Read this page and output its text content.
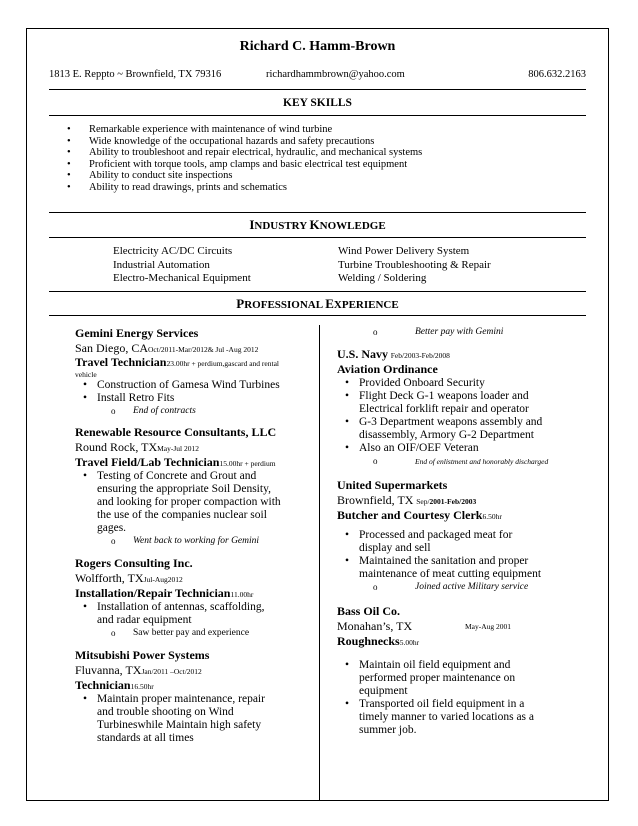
Richard C. Hamm-Brown
1813 E. Reppto ~ Brownfield, TX 79316	richardhammbrown@yahoo.com	806.632.2163
KEY SKILLS
• Remarkable experience with maintenance of wind turbine
• Wide knowledge of the occupational hazards and safety precautions
• Ability to troubleshoot and repair electrical, hydraulic, and mechanical systems
• Proficient with torque tools, amp clamps and basic electrical test equipment
• Ability to conduct site inspections
• Ability to read drawings, prints and schematics
INDUSTRY KNOWLEDGE
Electricity AC/DC Circuits
Industrial Automation
Electro-Mechanical Equipment
Wind Power Delivery System
Turbine Troubleshooting & Repair
Welding / Soldering
PROFESSIONAL EXPERIENCE
Gemini Energy Services
San Diego, CAOct/2011-Mar/2012& Jul -Aug 2012
Travel Technician23.00hr + perdium,gascard and rental
vehicle
• Construction of Gamesa Wind Turbines
• Install Retro Fits
o End of contracts
Renewable Resource Consultants, LLC
Round Rock, TXMay-Jul 2012
Travel Field/Lab Technician15.00hr + perdium
• Testing of Concrete and Grout and
ensuring the appropriate Soil Density,
and looking for proper compaction with
the use of the companies nuclear soil
gages.
o Went back to working for Gemini
Rogers Consulting Inc.
Wolfforth, TXJul-Aug2012
Installation/Repair Technician11.00hr
• Installation of antennas, scaffolding,
and radar equipment
o Saw better pay and experience
Mitsubishi Power Systems
Fluvanna, TXJan/2011 –Oct/2012
Technician16.50hr
• Maintain proper maintenance, repair
and trouble shooting on Wind
Turbineswhile Maintain high safety
standards at all times
o Better pay with Gemini
U.S. Navy Feb/2003-Feb/2008
Aviation Ordinance
• Provided Onboard Security
• Flight Deck G-1 weapons loader and
Electrical forklift repair and operator
• G-3 Department weapons assembly and
disassembly, Armory G-2 Department
• Also an OIF/OEF Veteran
o End of enlistment and honorably discharged
United Supermarkets
Brownfield, TX Sep/2001-Feb/2003
Butcher and Courtesy Clerk6.50hr
• Processed and packaged meat for
display and sell
• Maintained the sanitation and proper
maintenance of meat cutting equipment
o Joined active Military service
Bass Oil Co.
Monahan’s, TX	May-Aug 2001
Roughnecks5.00hr
• Maintain oil field equipment and
performed proper maintenance on
equipment
• Transported oil field equipment in a
timely manner to varied locations as a
summer job.
